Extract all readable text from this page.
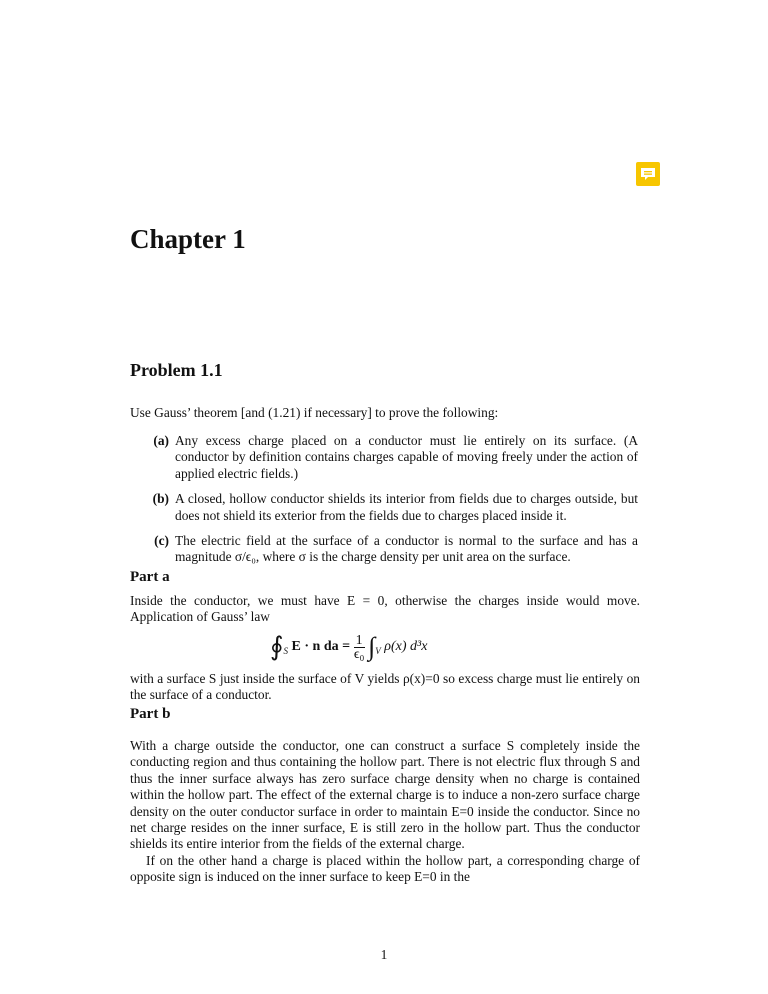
Chapter 1
Problem 1.1

Use Gauss’ theorem [and (1.21) if necessary] to prove the following:

(a) Any excess charge placed on a conductor must lie entirely on its surface. (A conductor by definition contains charges capable of moving freely under the action of applied electric fields.)

(b) A closed, hollow conductor shields its interior from fields due to charges outside, but does not shield its exterior from the fields due to charges placed inside it.

(c) The electric field at the surface of a conductor is normal to the surface and has a magnitude σ/ϵ₀, where σ is the charge density per unit area on the surface.

Part a

Inside the conductor, we must have E = 0, otherwise the charges inside would move. Application of Gauss’ law

$∮_S$ E · n da = $\frac{1}{\text{ϵ₀}} \int_V$ ρ(x) d³x

with a surface S just inside the surface of V yields ρ(x)=0 so excess charge must lie entirely on the surface of a conductor.

Part b

With a charge outside the conductor, one can construct a surface S completely inside the conducting region and thus containing the hollow part. There is not electric flux through S and thus the inner surface always has zero surface charge density when no charge is contained within the hollow part. The effect of the external charge is to induce a non-zero surface charge density on the outer conductor surface in order to maintain E=0 inside the conductor. Since no net charge resides on the inner surface, E is still zero in the hollow part. Thus the conductor shields its entire interior from the fields of the external charge.

If on the other hand a charge is placed within the hollow part, a corresponding charge of opposite sign is induced on the inner surface to keep E=0 in the

1
